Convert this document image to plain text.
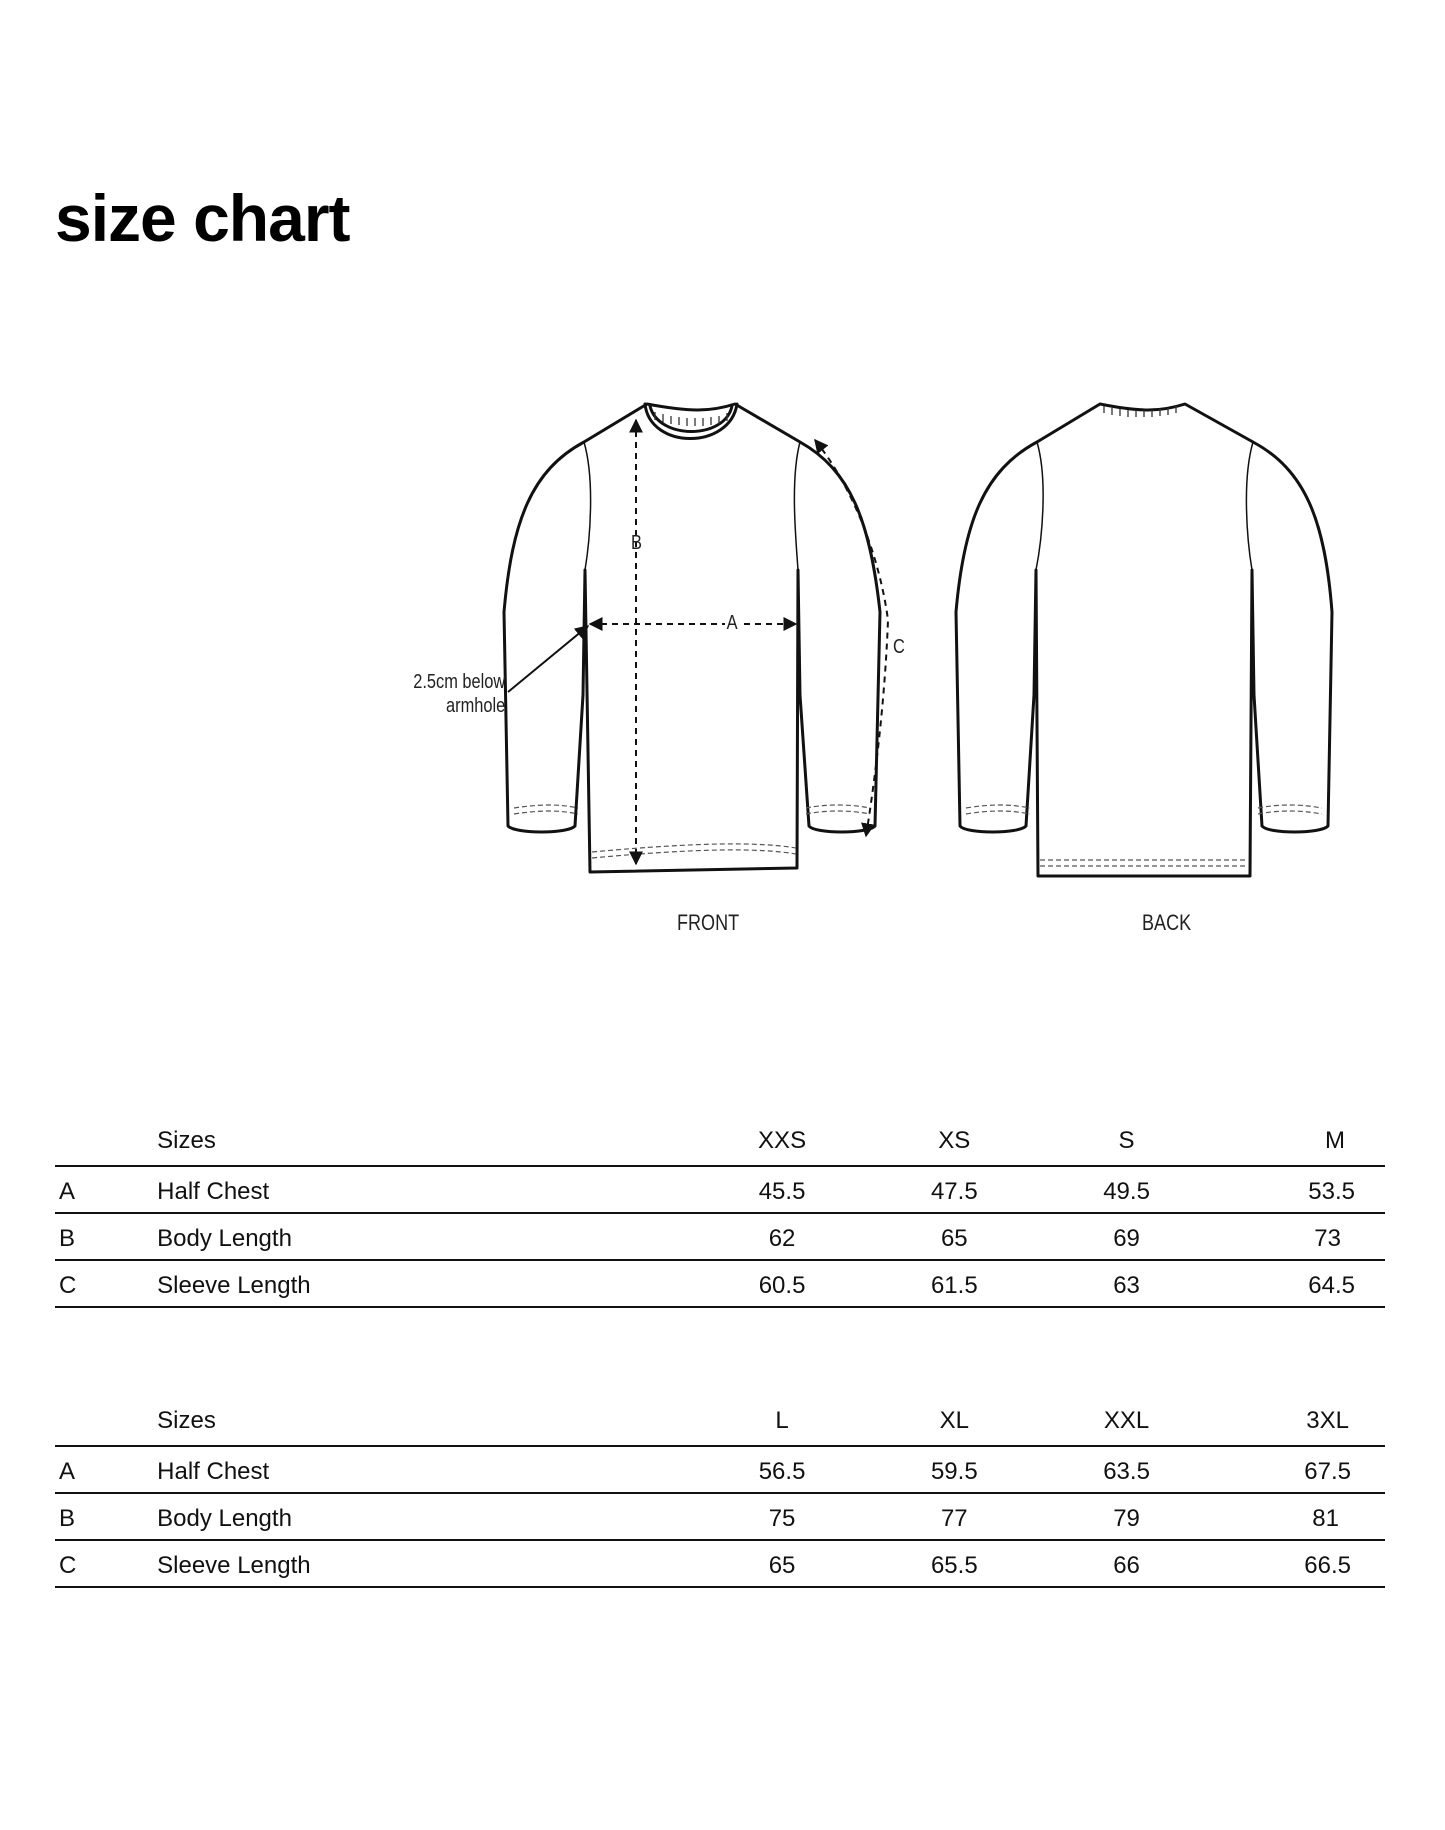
size chart
B
A
C
2.5cm below
armhole
FRONT	BACK
	Sizes	XXS	XS	S	M
A	Half Chest	45.5	47.5	49.5	53.5
B	Body Length	62	65	69	73
C	Sleeve Length	60.5	61.5	63	64.5
	Sizes	L	XL	XXL	3XL
A	Half Chest	56.5	59.5	63.5	67.5
B	Body Length	75	77	79	81
C	Sleeve Length	65	65.5	66	66.5
